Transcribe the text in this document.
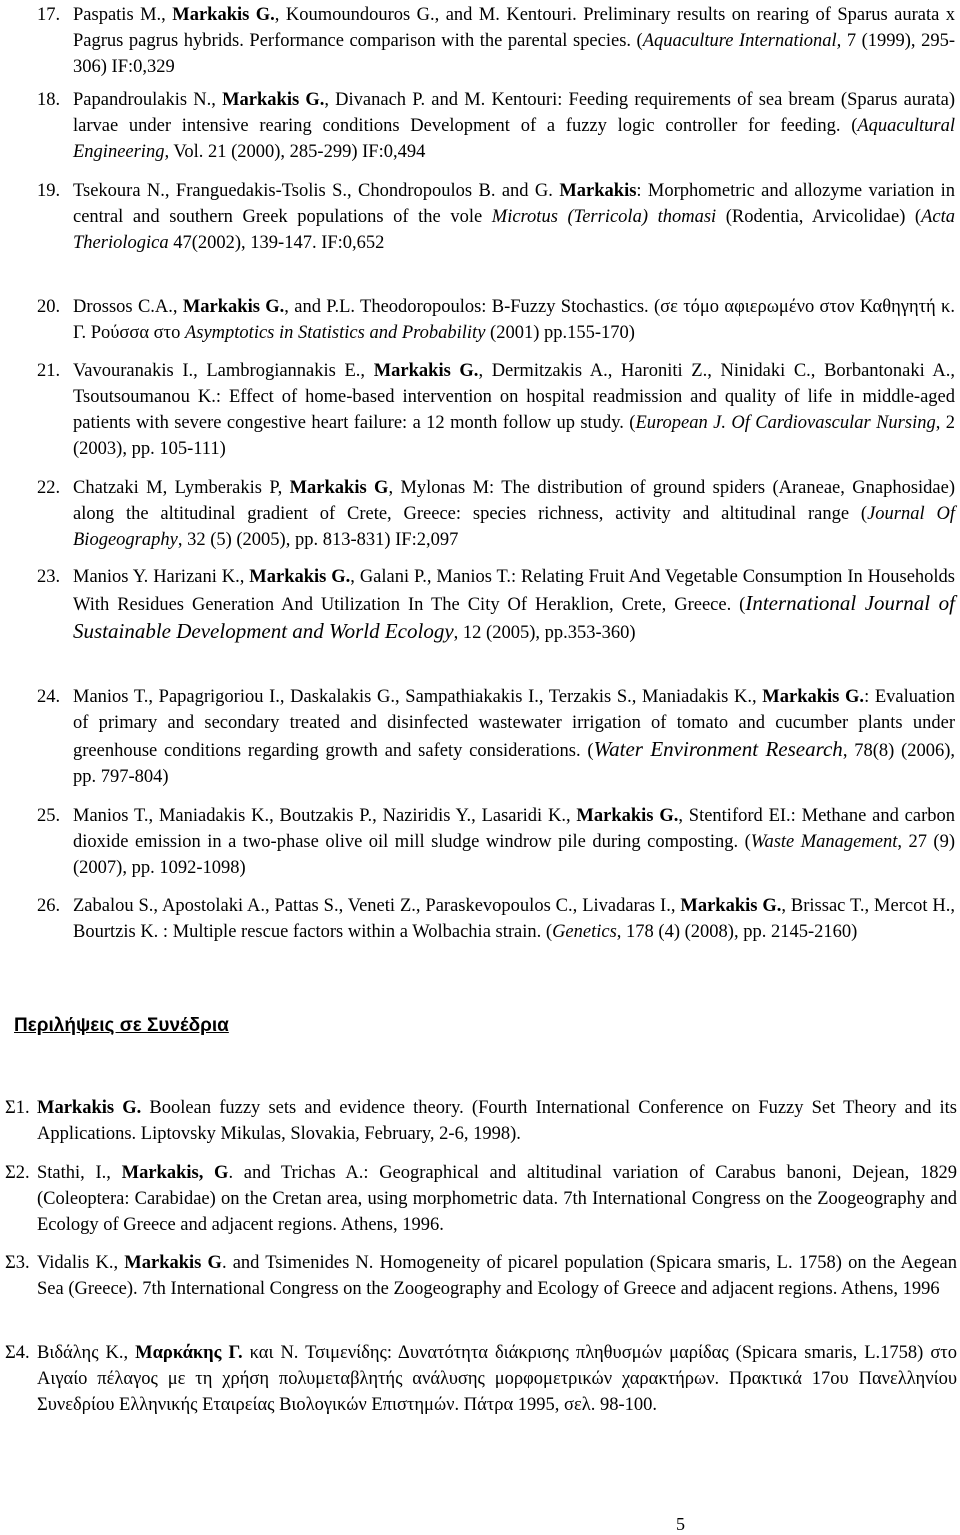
17. Paspatis M., Markakis G., Koumoundouros G., and M. Kentouri. Preliminary results on rearing of Sparus aurata x Pagrus pagrus hybrids. Performance comparison with the parental species. (Aquaculture International, 7 (1999), 295-306) IF:0,329
18. Papandroulakis N., Markakis G., Divanach P. and M. Kentouri: Feeding requirements of sea bream (Sparus aurata) larvae under intensive rearing conditions Development of a fuzzy logic controller for feeding. (Aquacultural Engineering, Vol. 21 (2000), 285-299) IF:0,494
19. Tsekoura N., Franguedakis-Tsolis S., Chondropoulos B. and G. Markakis: Morphometric and allozyme variation in central and southern Greek populations of the vole Microtus (Terricola) thomasi (Rodentia, Arvicolidae) (Acta Theriologica 47(2002), 139-147. IF:0,652
20. Drossos C.A., Markakis G., and P.L. Theodoropoulos: B-Fuzzy Stochastics. (σε τόμο αφιερωμένο στον Καθηγητή κ. Γ. Ρούσσα στο Asymptotics in Statistics and Probability (2001) pp.155-170)
21. Vavouranakis I., Lambrogiannakis E., Markakis G., Dermitzakis A., Haroniti Z., Ninidaki C., Borbantonaki A., Tsoutsoumanou K.: Effect of home-based intervention on hospital readmission and quality of life in middle-aged patients with severe congestive heart failure: a 12 month follow up study. (European J. Of Cardiovascular Nursing, 2 (2003), pp. 105-111)
22. Chatzaki M, Lymberakis P, Markakis G, Mylonas M: The distribution of ground spiders (Araneae, Gnaphosidae) along the altitudinal gradient of Crete, Greece: species richness, activity and altitudinal range (Journal Of Biogeography, 32 (5) (2005), pp. 813-831) IF:2,097
23. Manios Y. Harizani K., Markakis G., Galani P., Manios T.: Relating Fruit And Vegetable Consumption In Households With Residues Generation And Utilization In The City Of Heraklion, Crete, Greece. (International Journal of Sustainable Development and World Ecology, 12 (2005), pp.353-360)
24. Manios T., Papagrigoriou I., Daskalakis G., Sampathiakakis I., Terzakis S., Maniadakis K., Markakis G.: Evaluation of primary and secondary treated and disinfected wastewater irrigation of tomato and cucumber plants under greenhouse conditions regarding growth and safety considerations. (Water Environment Research, 78(8) (2006), pp. 797-804)
25. Manios T., Maniadakis K., Boutzakis P., Naziridis Y., Lasaridi K., Markakis G., Stentiford EI.: Methane and carbon dioxide emission in a two-phase olive oil mill sludge windrow pile during composting. (Waste Management, 27 (9) (2007), pp. 1092-1098)
26. Zabalou S., Apostolaki A., Pattas S., Veneti Z., Paraskevopoulos C., Livadaras I., Markakis G., Brissac T., Mercot H., Bourtzis K. : Multiple rescue factors within a Wolbachia strain. (Genetics, 178 (4) (2008), pp. 2145-2160)
Περιλήψεις σε Συνέδρια
Σ1. Markakis G. Boolean fuzzy sets and evidence theory. (Fourth International Conference on Fuzzy Set Theory and its Applications. Liptovsky Mikulas, Slovakia, February, 2-6, 1998).
Σ2. Stathi, I., Markakis, G. and Trichas A.: Geographical and altitudinal variation of Carabus banoni, Dejean, 1829 (Coleoptera: Carabidae) on the Cretan area, using morphometric data. 7th International Congress on the Zoogeography and Ecology of Greece and adjacent regions. Athens, 1996.
Σ3. Vidalis K., Markakis G. and Tsimenides N. Homogeneity of picarel population (Spicara smaris, L. 1758) on the Aegean Sea (Greece). 7th International Congress on the Zoogeography and Ecology of Greece and adjacent regions. Athens, 1996
Σ4. Βιδάλης Κ., Μαρκάκης Γ. και Ν. Τσιμενίδης: Δυνατότητα διάκρισης πληθυσμών μαρίδας (Spicara smaris, L.1758) στο Αιγαίο πέλαγος με τη χρήση πολυμεταβλητής ανάλυσης μορφομετρικών χαρακτήρων. Πρακτικά 17ου Πανελληνίου Συνεδρίου Ελληνικής Εταιρείας Βιολογικών Επιστημών. Πάτρα 1995, σελ. 98-100.
5
